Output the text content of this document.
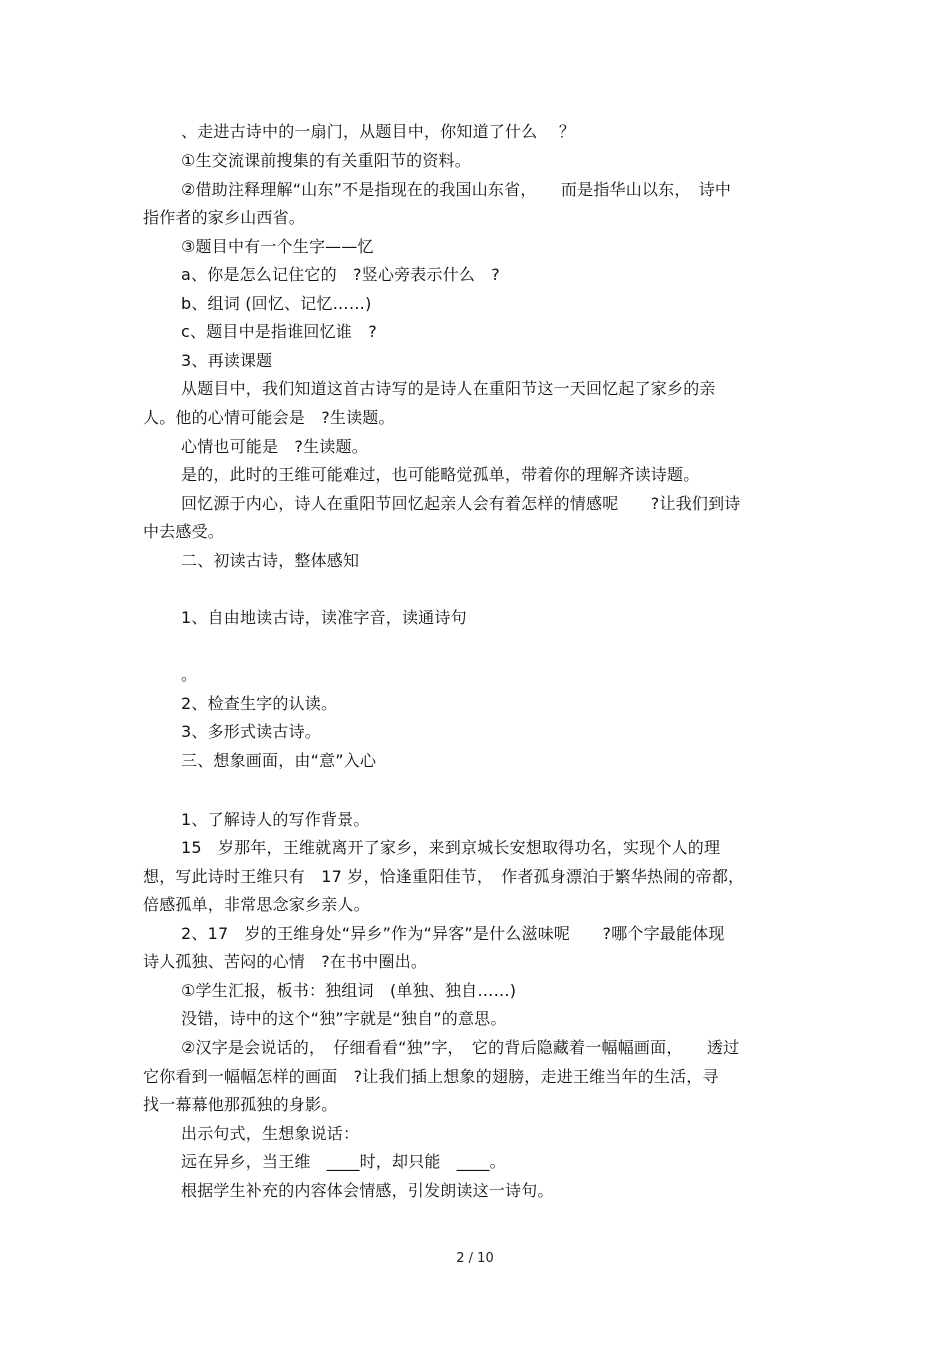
、走进古诗中的一扇门，从题目中，你知道了什么　 ？
①生交流课前搜集的有关重阳节的资料。
②借助注释理解“山东”不是指现在的我国山东省，　　而是指华山以东，　诗中
指作者的家乡山西省。
③题目中有一个生字——忆
a、你是怎么记住它的　?竖心旁表示什么　?
b、组词 (回忆、记忆……)
c、题目中是指谁回忆谁　?
3、再读课题
从题目中，我们知道这首古诗写的是诗人在重阳节这一天回忆起了家乡的亲
人。他的心情可能会是　?生读题。
心情也可能是　?生读题。
是的，此时的王维可能难过，也可能略觉孤单，带着你的理解齐读诗题。
回忆源于内心，诗人在重阳节回忆起亲人会有着怎样的情感呢　　?让我们到诗
中去感受。
二、初读古诗，整体感知
1、自由地读古诗，读准字音，读通诗句
。
2、检查生字的认读。
3、多形式读古诗。
三、想象画面，由“意”入心
1、了解诗人的写作背景。
15　岁那年，王维就离开了家乡，来到京城长安想取得功名，实现个人的理
想，写此诗时王维只有　17 岁，恰逢重阳佳节，　作者孤身漂泊于繁华热闹的帝都，
倍感孤单，非常思念家乡亲人。
2、17　岁的王维身处“异乡”作为“异客”是什么滋味呢　　?哪个字最能体现
诗人孤独、苦闷的心情　?在书中圈出。
①学生汇报，板书：独组词　(单独、独自……)
没错，诗中的这个“独”字就是“独自”的意思。
②汉字是会说话的，　仔细看看“独”字，　它的背后隐藏着一幅幅画面，　　透过
它你看到一幅幅怎样的画面　?让我们插上想象的翅膀，走进王维当年的生活，寻
找一幕幕他那孤独的身影。
出示句式，生想象说话：
远在异乡，当王维　____时，却只能　____。
根据学生补充的内容体会情感，引发朗读这一诗句。
2 / 10
